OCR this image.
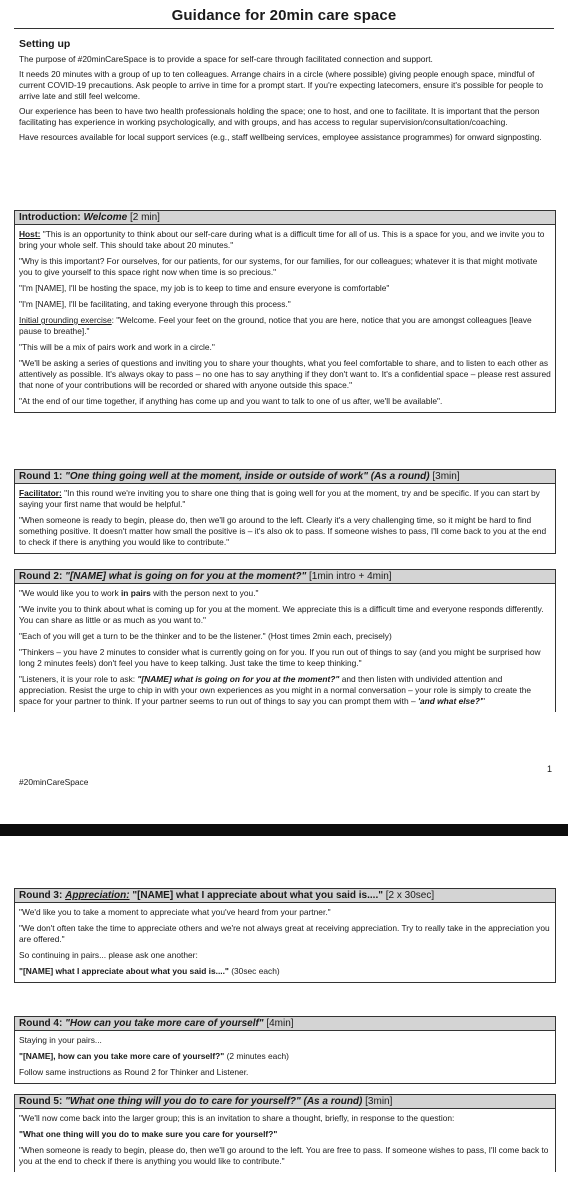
Guidance for 20min care space
Setting up

The purpose of #20minCareSpace is to provide a space for self-care through facilitated connection and support.

It needs 20 minutes with a group of up to ten colleagues. Arrange chairs in a circle (where possible) giving people enough space, mindful of current COVID-19 precautions. Ask people to arrive in time for a prompt start. If you're expecting latecomers, ensure it's possible for people to arrive late and still feel welcome.

Our experience has been to have two health professionals holding the space; one to host, and one to facilitate. It is important that the person facilitating has experience in working psychologically, and with groups, and has access to regular supervision/consultation/coaching.

Have resources available for local support services (e.g., staff wellbeing services, employee assistance programmes) for onward signposting.

Introduction: Welcome [2 min]

Host: "This is an opportunity to think about our self-care during what is a difficult time for all of us. This is a space for you, and we invite you to bring your whole self. This should take about 20 minutes."

"Why is this important? For ourselves, for our patients, for our systems, for our families, for our colleagues; whatever it is that might motivate you to give yourself to this space right now when time is so precious."

"I'm [NAME], I'll be hosting the space, my job is to keep to time and ensure everyone is comfortable"

"I'm [NAME], I'll be facilitating, and taking everyone through this process."

Initial grounding exercise: "Welcome. Feel your feet on the ground, notice that you are here, notice that you are amongst colleagues [leave pause to breathe]."

"This will be a mix of pairs work and work in a circle."

"We'll be asking a series of questions and inviting you to share your thoughts, what you feel comfortable to share, and to listen to each other as attentively as possible. It's always okay to pass – no one has to say anything if they don't want to. It's a confidential space – please rest assured that none of your contributions will be recorded or shared with anyone outside this space."

"At the end of our time together, if anything has come up and you want to talk to one of us after, we'll be available".

Round 1: "One thing going well at the moment, inside or outside of work" (As a round) [3min]

Facilitator: "In this round we're inviting you to share one thing that is going well for you at the moment, try and be specific. If you can start by saying your first name that would be helpful."

"When someone is ready to begin, please do, then we'll go around to the left. Clearly it's a very challenging time, so it might be hard to find something positive. It doesn't matter how small the positive is – it's also ok to pass. If someone wishes to pass, I'll come back to you at the end to check if there is anything you would like to contribute."

Round 2: "[NAME] what is going on for you at the moment?" [1min intro + 4min]

"We would like you to work in pairs with the person next to you."

"We invite you to think about what is coming up for you at the moment. We appreciate this is a difficult time and everyone responds differently. You can share as little or as much as you want to."

"Each of you will get a turn to be the thinker and to be the listener." (Host times 2min each, precisely)

"Thinkers – you have 2 minutes to consider what is currently going on for you. If you run out of things to say (and you might be surprised how long 2 minutes feels) don't feel you have to keep talking. Just take the time to keep thinking."

"Listeners, it is your role to ask: "[NAME] what is going on for you at the moment?" and then listen with undivided attention and appreciation. Resist the urge to chip in with your own experiences as you might in a normal conversation – your role is simply to create the space for your partner to think. If your partner seems to run out of things to say you can prompt them with – 'and what else?'"

1
#20minCareSpace
Round 3: Appreciation: "[NAME] what I appreciate about what you said is...." [2 x 30sec]

"We'd like you to take a moment to appreciate what you've heard from your partner."

"We don't often take the time to appreciate others and we're not always great at receiving appreciation. Try to really take in the appreciation you are offered."

So continuing in pairs... please ask one another:

"[NAME] what I appreciate about what you said is...." (30sec each)

Round 4: "How can you take more care of yourself" [4min]

Staying in your pairs...

"[NAME], how can you take more care of yourself?" (2 minutes each)

Follow same instructions as Round 2 for Thinker and Listener.

Round 5: "What one thing will you do to care for yourself?" (As a round) [3min]

"We'll now come back into the larger group; this is an invitation to share a thought, briefly, in response to the question:

"What one thing will you do to make sure you care for yourself?"

"When someone is ready to begin, please do, then we'll go around to the left. You are free to pass. If someone wishes to pass, I'll come back to you at the end to check if there is anything you would like to contribute."
